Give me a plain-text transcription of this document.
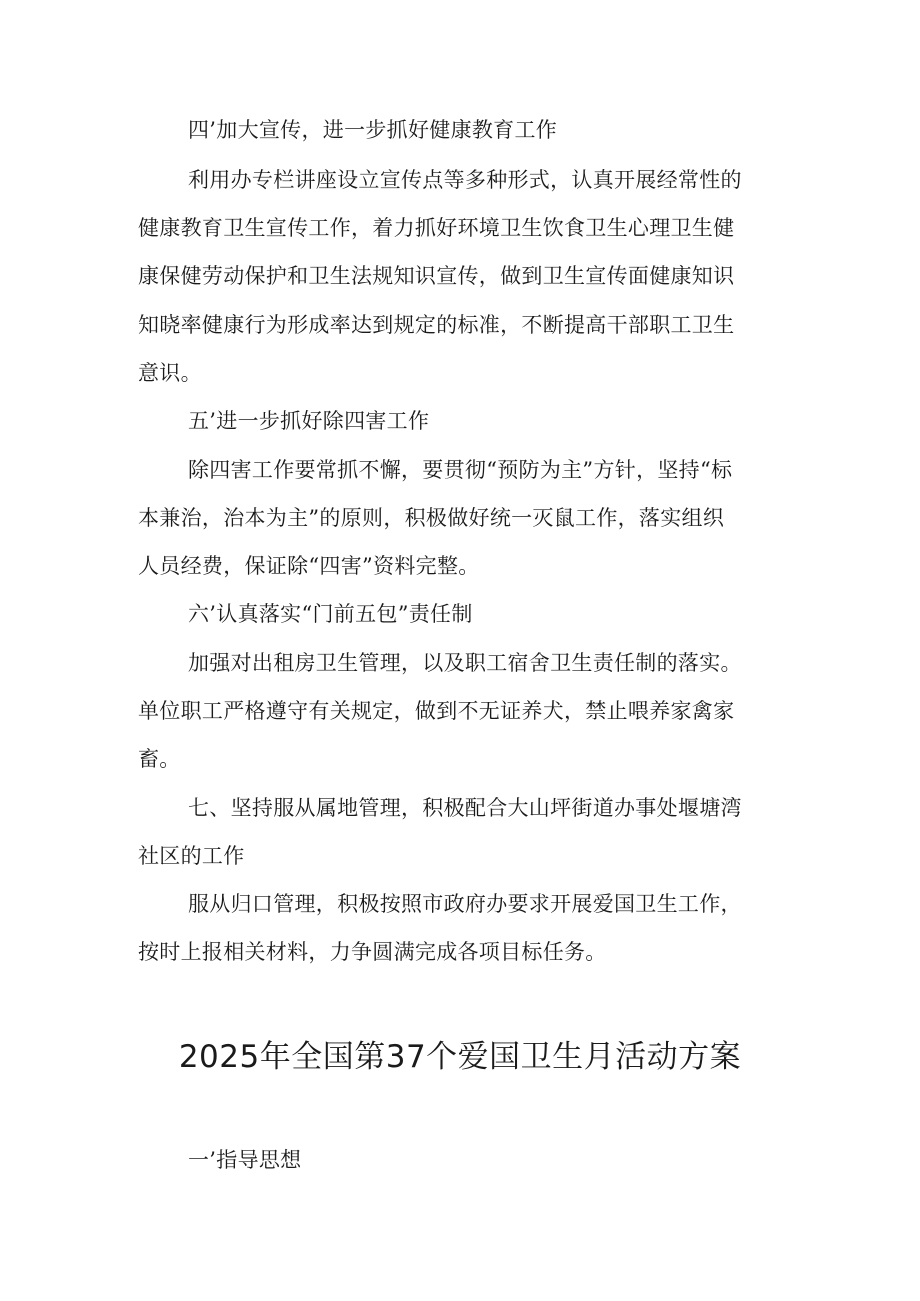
四’加大宣传，进一步抓好健康教育工作
利用办专栏讲座设立宣传点等多种形式，认真开展经常性的
健康教育卫生宣传工作，着力抓好环境卫生饮食卫生心理卫生健
康保健劳动保护和卫生法规知识宣传，做到卫生宣传面健康知识
知晓率健康行为形成率达到规定的标准，不断提高干部职工卫生
意识。
五’进一步抓好除四害工作
除四害工作要常抓不懈，要贯彻“预防为主”方针，坚持“标
本兼治，治本为主”的原则，积极做好统一灭鼠工作，落实组织
人员经费，保证除“四害”资料完整。
六’认真落实“门前五包”责任制
加强对出租房卫生管理，以及职工宿舍卫生责任制的落实。
单位职工严格遵守有关规定，做到不无证养犬，禁止喂养家禽家
畜。
七、坚持服从属地管理，积极配合大山坪街道办事处堰塘湾
社区的工作
服从归口管理，积极按照市政府办要求开展爱国卫生工作，
按时上报相关材料，力争圆满完成各项目标任务。
2025年全国第37个爱国卫生月活动方案
一’指导思想
